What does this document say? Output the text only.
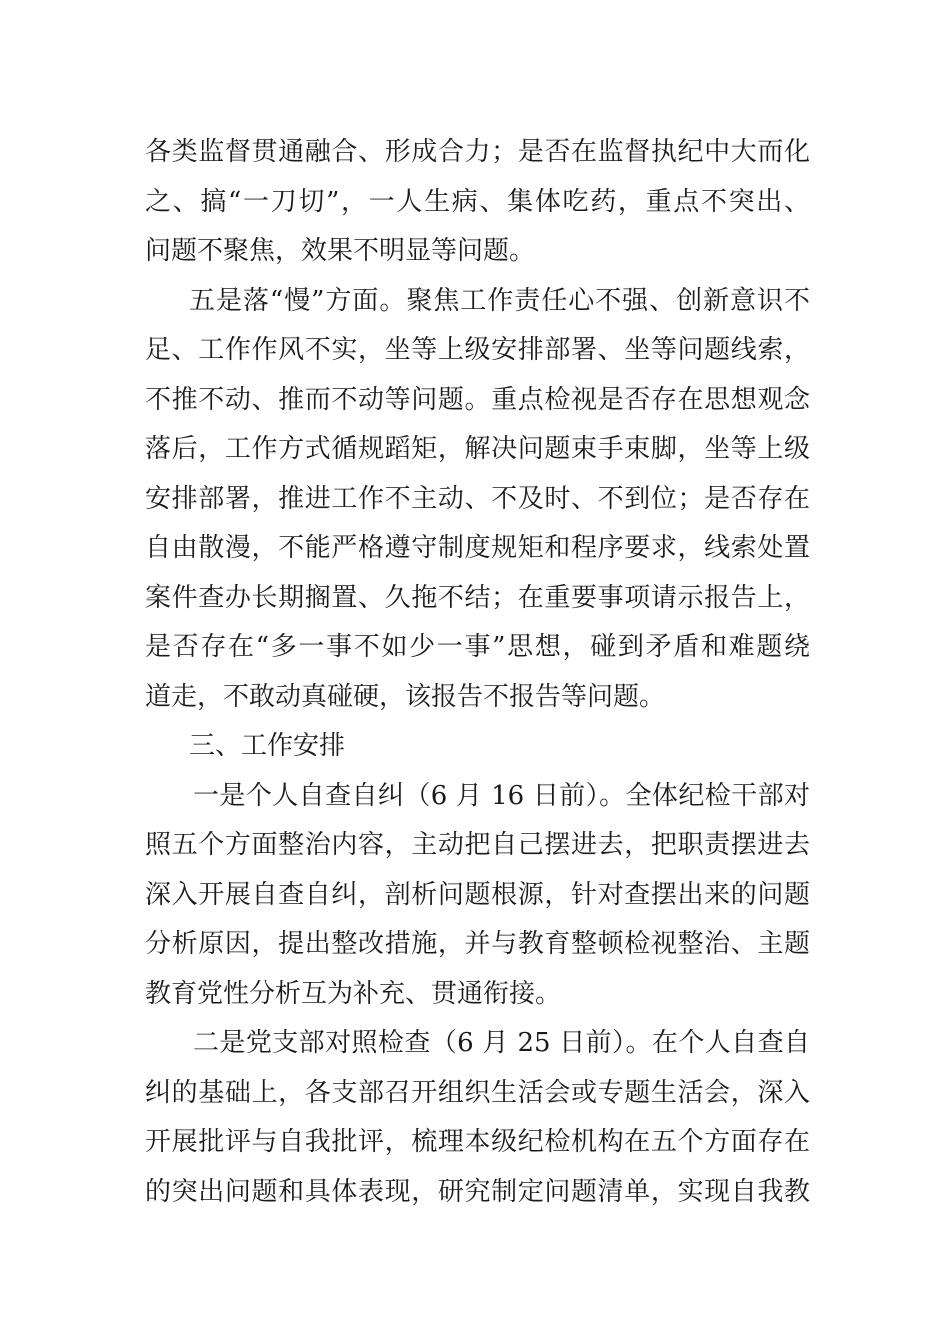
各类监督贯通融合、形成合力；是否在监督执纪中大而化
之、搞“一刀切”，一人生病、集体吃药，重点不突出、
问题不聚焦，效果不明显等问题。
五是落“慢”方面。聚焦工作责任心不强、创新意识不
足、工作作风不实，坐等上级安排部署、坐等问题线索，
不推不动、推而不动等问题。重点检视是否存在思想观念
落后，工作方式循规蹈矩，解决问题束手束脚，坐等上级
安排部署，推进工作不主动、不及时、不到位；是否存在
自由散漫，不能严格遵守制度规矩和程序要求，线索处置
案件查办长期搁置、久拖不结；在重要事项请示报告上，
是否存在“多一事不如少一事”思想，碰到矛盾和难题绕
道走，不敢动真碰硬，该报告不报告等问题。
三、工作安排
一是个人自查自纠（6 月 16 日前）。全体纪检干部对
照五个方面整治内容，主动把自己摆进去，把职责摆进去
深入开展自查自纠，剖析问题根源，针对查摆出来的问题
分析原因，提出整改措施，并与教育整顿检视整治、主题
教育党性分析互为补充、贯通衔接。
二是党支部对照检查（6 月 25 日前）。在个人自查自
纠的基础上，各支部召开组织生活会或专题生活会，深入
开展批评与自我批评，梳理本级纪检机构在五个方面存在
的突出问题和具体表现，研究制定问题清单，实现自我教
